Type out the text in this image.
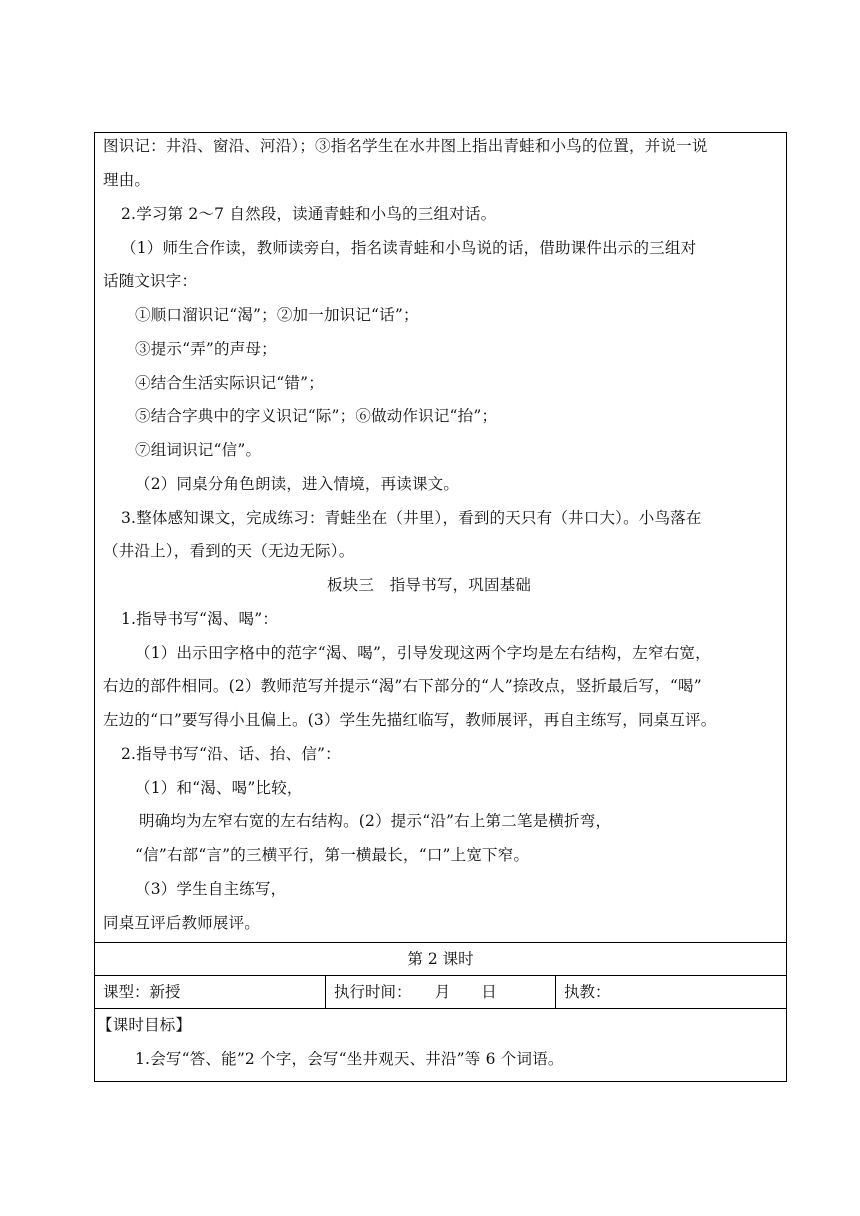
图识记：井沿、窗沿、河沿）；③指名学生在水井图上指出青蛙和小鸟的位置，并说一说
理由。
2.学习第 2～7 自然段，读通青蛙和小鸟的三组对话。
（1）师生合作读，教师读旁白，指名读青蛙和小鸟说的话，借助课件出示的三组对
话随文识字：
①顺口溜识记“渴”；②加一加识记“话”；
③提示“弄”的声母；
④结合生活实际识记“错”；
⑤结合字典中的字义识记“际”；⑥做动作识记“抬”；
⑦组词识记“信”。
（2）同桌分角色朗读，进入情境，再读课文。
3.整体感知课文，完成练习：青蛙坐在（井里），看到的天只有（井口大）。小鸟落在
（井沿上），看到的天（无边无际）。
板块三　指导书写，巩固基础
1.指导书写“渴、喝”：
（1）出示田字格中的范字“渴、喝”，引导发现这两个字均是左右结构，左窄右宽，
右边的部件相同。(2）教师范写并提示“渴”右下部分的“人”捺改点，竖折最后写，“喝”
左边的“口”要写得小且偏上。(3）学生先描红临写，教师展评，再自主练写，同桌互评。
2.指导书写“沿、话、抬、信”：
（1）和“渴、喝”比较，
明确均为左窄右宽的左右结构。(2）提示“沿”右上第二笔是横折弯，
“信”右部“言”的三横平行，第一横最长，“口”上宽下窄。
（3）学生自主练写，
同桌互评后教师展评。

第 2 课时
课型：新授	执行时间：　　月　　日	执教：

【课时目标】
1.会写“答、能”2 个字，会写“坐井观天、井沿”等 6 个词语。
